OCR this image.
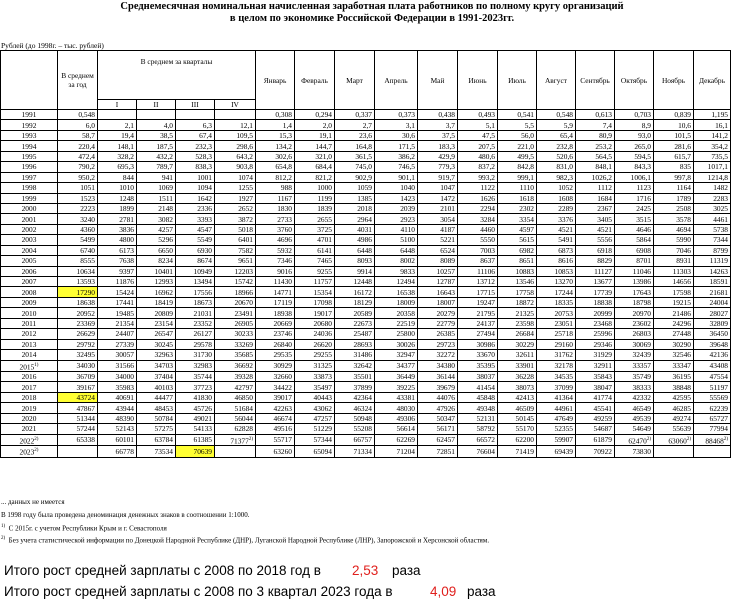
Среднемесячная номинальная начисленная заработная плата работников по полному кругу организаций
в целом по экономике Российской Федерации в 1991-2023гг.
Рублей (до 1998г. – тыс. рублей)
	В среднем за год	В среднем за кварталы				Январь	Февраль	Март	Апрель	Май	Июнь	Июль	Август	Сентябрь	Октябрь	Ноябрь	Декабрь
		I	II	III	IV												
1991	0,548					0,308	0,294	0,337	0,373	0,438	0,493	0,541	0,548	0,613	0,703	0,839	1,195
1992	6,0	2,1	4,0	6,3	12,1	1,4	2,0	2,7	3,1	3,7	5,1	5,5	5,9	7,4	8,9	10,6	16,1
1993	58,7	19,4	38,5	67,4	109,5	15,3	19,1	23,6	30,6	37,5	47,5	56,0	65,4	80,9	93,0	101,5	141,2
1994	220,4	148,1	187,5	232,3	298,6	134,2	144,7	164,8	171,5	183,3	207,5	221,0	232,8	253,2	265,0	281,6	354,2
1995	472,4	328,2	432,2	528,3	643,2	302,6	321,0	361,5	386,2	429,9	480,6	499,5	520,6	564,5	594,5	615,7	735,5
1996	790,2	695,3	789,7	838,3	903,8	654,8	684,4	745,0	746,5	779,3	837,2	842,8	831,0	848,1	843,3	835	1017,1
1997	950,2	844	941	1001	1074	812,2	821,2	902,9	901,1	919,7	993,2	999,1	982,3	1026,2	1006,1	997,8	1214,8
1998	1051	1010	1069	1094	1255	988	1000	1059	1040	1047	1122	1110	1052	1112	1123	1164	1482
1999	1523	1248	1511	1642	1927	1167	1199	1385	1423	1472	1626	1618	1608	1684	1716	1789	2283
2000	2223	1899	2148	2336	2652	1830	1839	2018	2039	2101	2294	2302	2289	2367	2425	2508	3025
2001	3240	2781	3082	3393	3872	2733	2655	2964	2923	3054	3284	3354	3376	3405	3515	3578	4461
2002	4360	3836	4257	4547	5018	3760	3725	4031	4110	4187	4460	4597	4521	4521	4646	4694	5738
2003	5499	4800	5296	5549	6401	4696	4701	4986	5100	5221	5550	5615	5491	5556	5864	5990	7344
2004	6740	6173	6650	6930	7582	5932	6141	6448	6448	6524	7003	6982	6873	6918	6908	7046	8799
2005	8555	7638	8234	8674	9651	7346	7465	8093	8002	8089	8637	8651	8616	8829	8701	8931	11319
2006	10634	9397	10401	10949	12203	9016	9255	9914	9833	10257	11106	10883	10853	11127	11046	11303	14263
2007	13593	11876	12993	13494	15742	11430	11757	12448	12494	12787	13712	13546	13270	13677	13986	14656	18591
2008	17290	15424	16962	17556	18966	14771	15354	16172	16538	16643	17715	17758	17244	17739	17643	17598	21681
2009	18638	17441	18419	18673	20670	17119	17098	18129	18009	18007	19247	18872	18335	18838	18798	19215	24004
2010	20952	19485	20809	21031	23491	18938	19017	20589	20358	20279	21795	21325	20753	20999	20970	21486	28027
2011	23369	21354	23154	23352	26905	20669	20680	22673	22519	22779	24137	23598	23051	23468	23602	24296	32809
2012	26629	24407	26547	26127	30233	23746	24036	25487	25800	26385	27494	26684	25718	25996	26803	27448	36450
2013	29792	27339	30245	29578	33269	26840	26620	28693	30026	29723	30986	30229	29160	29346	30069	30290	39648
2014	32495	30057	32963	31730	35685	29535	29255	31486	32947	32272	33670	32611	31762	31929	32439	32546	42136
2015$^{1)}$	34030	31566	34703	32983	36692	30929	31325	32642	34377	34380	35395	33901	32178	32911	33357	33347	43408
2016	36709	34000	37404	35744	39328	32660	33873	35501	36449	36144	38037	36228	34535	35843	35749	36195	47554
2017	39167	35983	40103	37723	42797	34422	35497	37899	39225	39679	41454	38073	37099	38047	38333	38848	51197
2018	43724	40691	44477	41830	46850	39017	40443	42364	43381	44076	45848	42413	41364	41774	42332	42595	55569
2019	47867	43944	48453	45726	51684	42263	43062	46324	48030	47926	49348	46509	44961	45541	46549	46285	62239
2020	51344	48390	50784	49021	56044	46674	47257	50948	49306	50347	52131	50145	47649	49259	49539	49274	65727
2021	57244	52143	57275	54133	62828	49516	51229	55208	56614	56171	58792	55170	52355	54687	54649	55639	77994
2022$^{2)}$	65338	60101	63784	61385	71377$^{2)}$	55717	57344	66757	62269	62457	66572	62200	59907	61879	62470$^{2)}$	63060$^{2)}$	88468$^{2)}$
2023$^{2)}$		66778	73534	70639		63260	65094	71334	71204	72851	76604	71419	69439	70922	73830		
... данных не имеется
В 1998 году была проведена деноминация денежных знаков в соотношении 1:1000.
$^{1)}$ С 2015г. с учетом Республики Крым и г. Севастополя
$^{2)}$ Без учета статистической информации по Донецкой Народной Республике (ДНР), Луганской Народной Республике (ЛНР), Запорожской и Херсонской областям.
Итого рост средней зарплаты с 2008 по 2018 год в 2,53 раза
Итого рост средней зарплаты с 2008 по 3 квартал 2023 года в	4,09 раза
